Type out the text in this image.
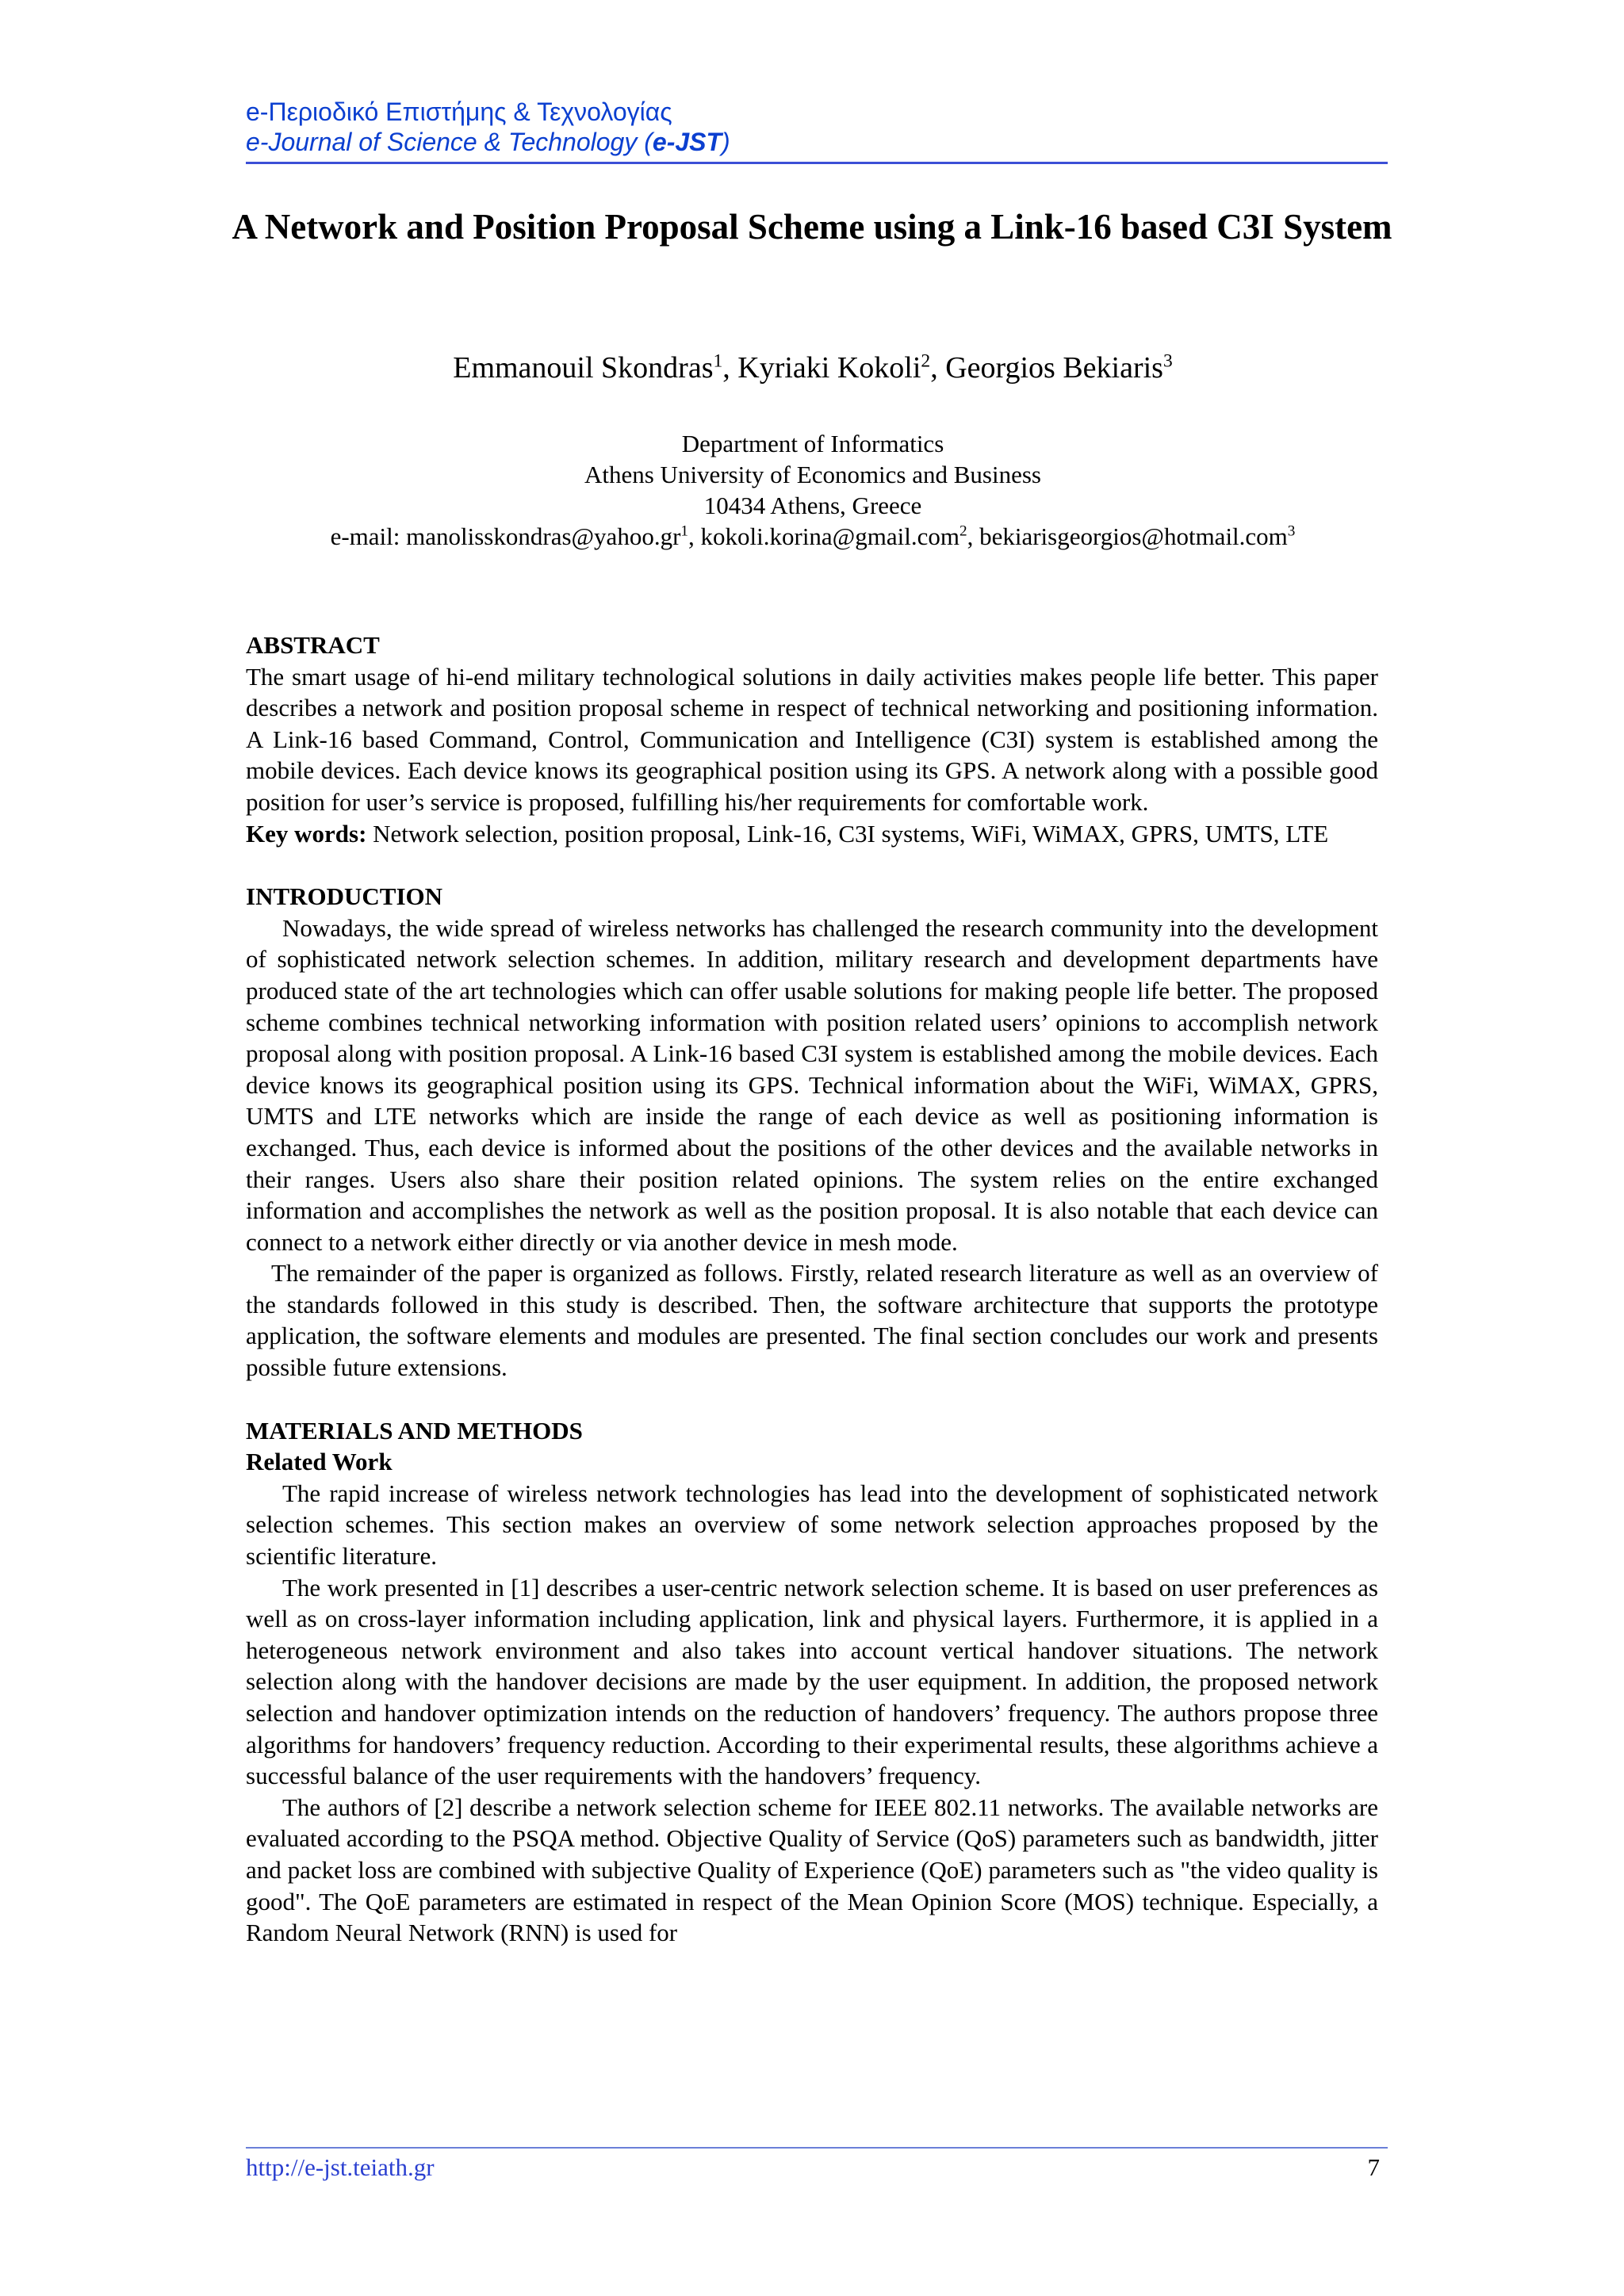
e-Περιοδικό Επιστήμης & Τεχνολογίας
e-Journal of Science & Technology (e-JST)
A Network and Position Proposal Scheme using a Link-16 based C3I System
Emmanouil Skondras$^1$, Kyriaki Kokoli$^2$, Georgios Bekiaris$^3$
Department of Informatics
Athens University of Economics and Business
10434 Athens, Greece
e-mail: $manolisskondras@yahoo.gr^1$, kokoli.korina@gmail.com$^2$, bekiarisgeorgios@hotmail.com$^3$
ABSTRACT

The smart usage of hi-end military technological solutions in daily activities makes people life better. This paper describes a network and position proposal scheme in respect of technical networking and positioning information. A Link-16 based Command, Control, Communication and Intelligence (C3I) system is established among the mobile devices. Each device knows its geographical position using its GPS. A network along with a possible good position for user’s service is proposed, fulfilling his/her requirements for comfortable work.

Key words: Network selection, position proposal, Link-16, C3I systems, WiFi, WiMAX, GPRS, UMTS, LTE

INTRODUCTION

Nowadays, the wide spread of wireless networks has challenged the research community into the development of sophisticated network selection schemes. In addition, military research and development departments have produced state of the art technologies which can offer usable solutions for making people life better. The proposed scheme combines technical networking information with position related users’ opinions to accomplish network proposal along with position proposal. A Link-16 based C3I system is established among the mobile devices. Each device knows its geographical position using its GPS. Technical information about the WiFi, WiMAX, GPRS, UMTS and LTE networks which are inside the range of each device as well as positioning information is exchanged. Thus, each device is informed about the positions of the other devices and the available networks in their ranges. Users also share their position related opinions. The system relies on the entire exchanged information and accomplishes the network as well as the position proposal. It is also notable that each device can connect to a network either directly or via another device in mesh mode.

The remainder of the paper is organized as follows. Firstly, related research literature as well as an overview of the standards followed in this study is described. Then, the software architecture that supports the prototype application, the software elements and modules are presented. The final section concludes our work and presents possible future extensions.

MATERIALS AND METHODS
Related Work

The rapid increase of wireless network technologies has lead into the development of sophisticated network selection schemes. This section makes an overview of some network selection approaches proposed by the scientific literature.

The work presented in [1] describes a user-centric network selection scheme. It is based on user preferences as well as on cross-layer information including application, link and physical layers. Furthermore, it is applied in a heterogeneous network environment and also takes into account vertical handover situations. The network selection along with the handover decisions are made by the user equipment. In addition, the proposed network selection and handover optimization intends on the reduction of handovers’ frequency. The authors propose three algorithms for handovers’ frequency reduction. According to their experimental results, these algorithms achieve a successful balance of the user requirements with the handovers’ frequency.

The authors of [2] describe a network selection scheme for IEEE 802.11 networks. The available networks are evaluated according to the PSQA method. Objective Quality of Service (QoS) parameters such as bandwidth, jitter and packet loss are combined with subjective Quality of Experience (QoE) parameters such as "the video quality is good". The QoE parameters are estimated in respect of the Mean Opinion Score (MOS) technique. Especially, a Random Neural Network (RNN) is used for

http://e-jst.teiath.gr	7
